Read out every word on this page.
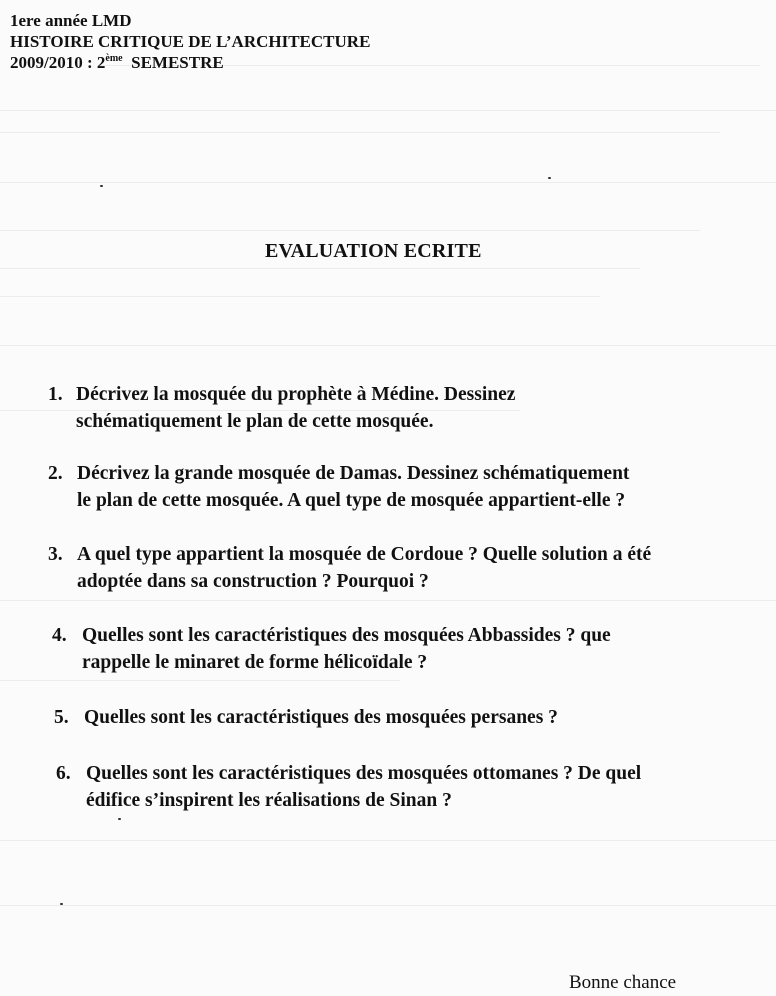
1ere année LMD
HISTOIRE CRITIQUE DE L’ARCHITECTURE
2009/2010 : 2ème  SEMESTRE
EVALUATION ECRITE
1. Décrivez la mosquée du prophète à Médine. Dessinez
schématiquement le plan de cette mosquée.
2. Décrivez la grande mosquée de Damas. Dessinez schématiquement
le plan de cette mosquée. A quel type de mosquée appartient-elle ?
3. A quel type appartient la mosquée de Cordoue ? Quelle solution a été
adoptée dans sa construction ? Pourquoi ?
4. Quelles sont les caractéristiques des mosquées Abbassides ? que
rappelle le minaret de forme hélicoïdale ?
5. Quelles sont les caractéristiques des mosquées persanes ?
6. Quelles sont les caractéristiques des mosquées ottomanes ? De quel
édifice s’inspirent les réalisations de Sinan ?
Bonne chance
